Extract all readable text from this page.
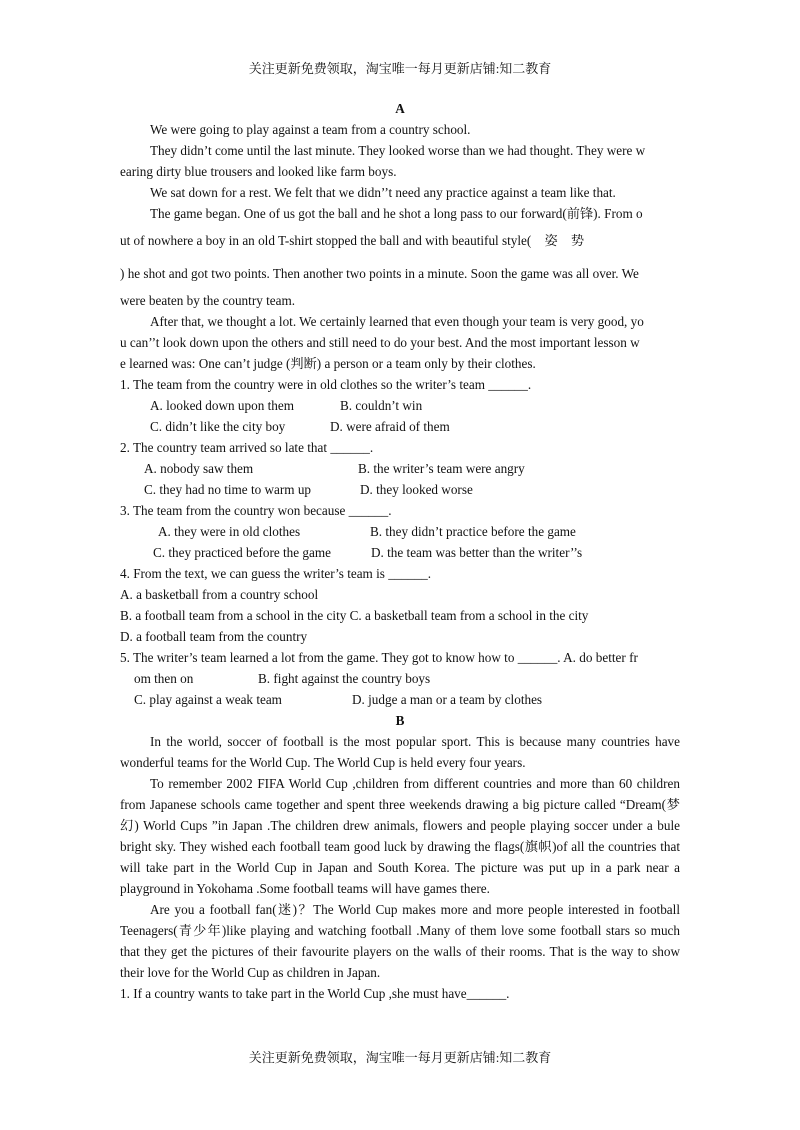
关注更新免费领取，淘宝唯一每月更新店铺:知二教育
A

We were going to play against a team from a country school.

They didn’t come until the last minute. They looked worse than we had thought. They were w

earing dirty blue trousers and looked like farm boys.

We sat down for a rest. We felt that we didn’’t need any practice against a team like that.

The game began. One of us got the ball and he shot a long pass to our forward(前锋). From o

ut of nowhere a boy in an old T-shirt stopped the ball and with beautiful style(　姿　势

) he shot and got two points. Then another two points in a minute. Soon the game was all over. We

were beaten by the country team.

After that, we thought a lot. We certainly learned that even though your team is very good, yo

u can’’t look down upon the others and still need to do your best. And the most important lesson w

e learned was: One can’t judge (判断) a person or a team only by their clothes.

1. The team from the country were in old clothes so the writer’s team ______.

A. looked down upon them	B. couldn’t win

C. didn’t like the city boy	D. were afraid of them

2. The country team arrived so late that ______.

A. nobody saw them	B. the writer’s team were angry

C. they had no time to warm up	D. they looked worse

3. The team from the country won because ______.

A. they were in old clothes	B. they didn’t practice before the game

C. they practiced before the game	D. the team was better than the writer’’s

4. From the text, we can guess the writer’s team is ______.

A. a basketball from a country school

B. a football team from a school in the city C. a basketball team from a school in the city

D. a football team from the country

5. The writer’s team learned a lot from the game. They got to know how to ______. A. do better fr

om then on	B. fight against the country boys

C. play against a weak team	D. judge a man or a team by clothes

B

In the world, soccer of football is the most popular sport. This is because many countries have wonderful teams for the World Cup. The World Cup is held every four years.

To remember 2002 FIFA World Cup ,children from different countries and more than 60 children from Japanese schools came together and spent three weekends drawing a big picture called “Dream(梦幻) World Cups ”in Japan .The children drew animals, flowers and people playing soccer under a bule bright sky. They wished each football team good luck by drawing the flags(旗帜)of all the countries that will take part in the World Cup in Japan and South Korea. The picture was put up in a park near a playground in Yokohama .Some football teams will have games there.

Are you a football fan(迷)？The World Cup makes more and more people interested in football Teenagers(青少年)like playing and watching football .Many of them love some football stars so much that they get the pictures of their favourite players on the walls of their rooms. That is the way to show their love for the World Cup as children in Japan.

1. If a country wants to take part in the World Cup ,she must have______.

关注更新免费领取，淘宝唯一每月更新店铺:知二教育
